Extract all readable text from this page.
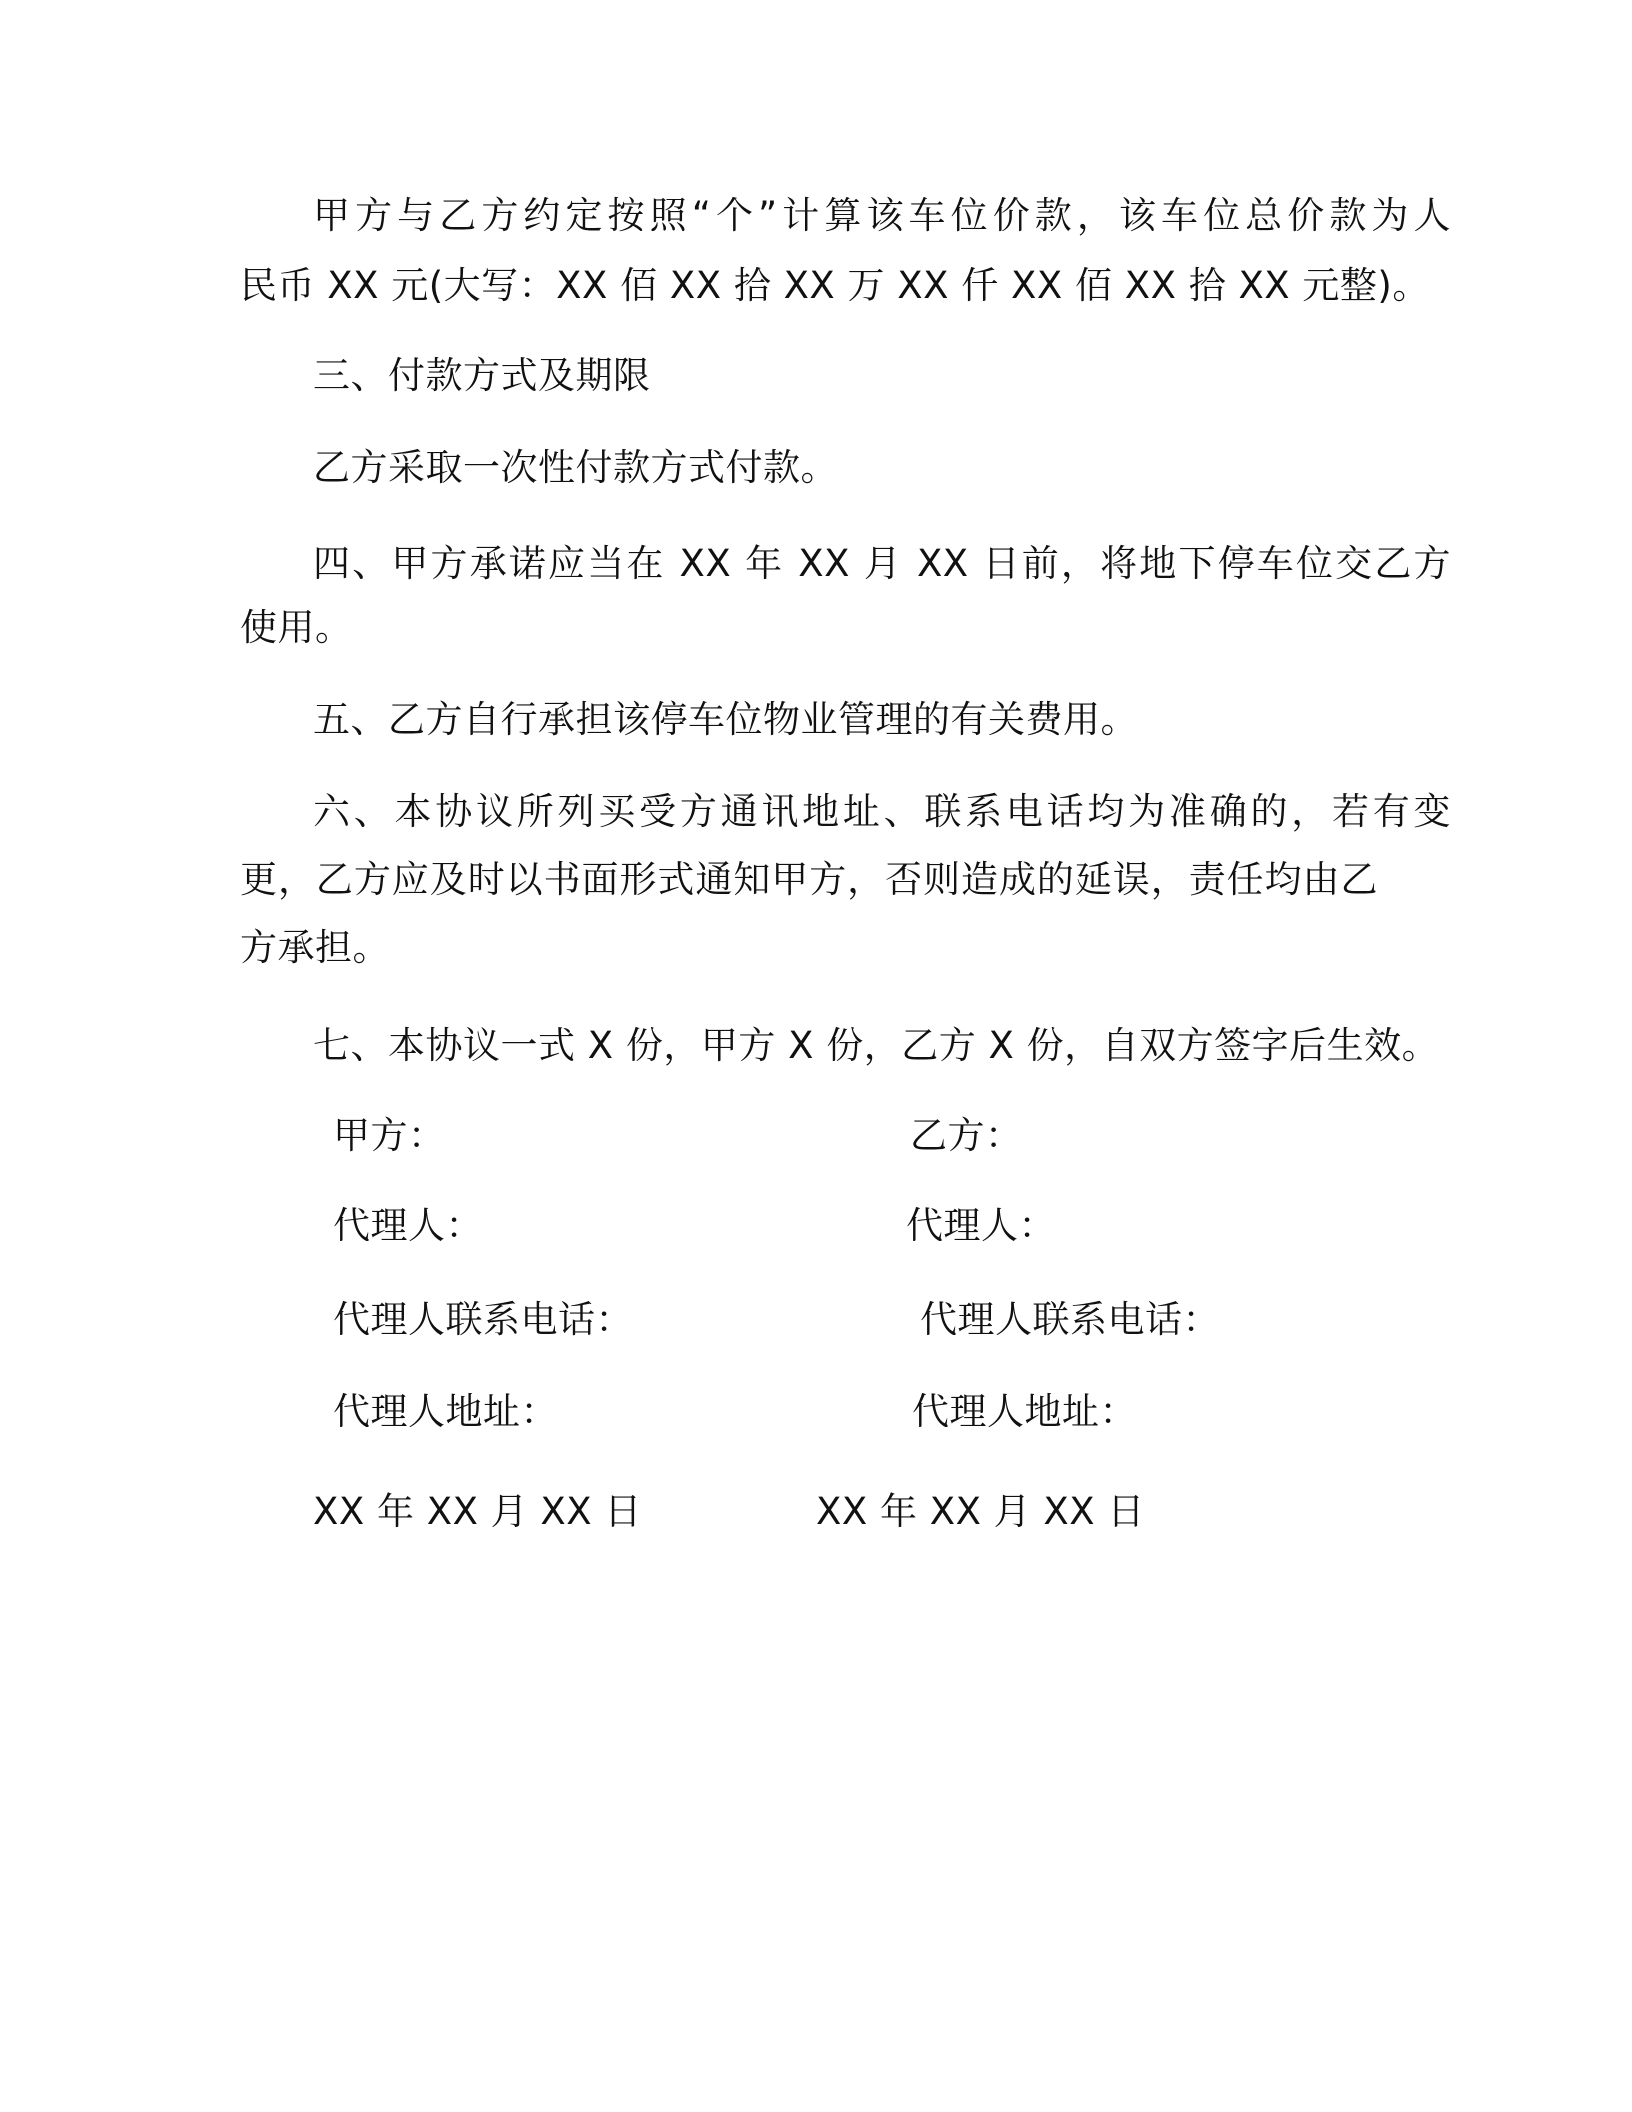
甲方与乙方约定按照“个”计算该车位价款，该车位总价款为人
民币 XX 元(大写：XX 佰 XX 拾 XX 万 XX 仟 XX 佰 XX 拾 XX 元整)。
三、付款方式及期限
乙方采取一次性付款方式付款。
四、甲方承诺应当在 XX 年 XX 月 XX 日前，将地下停车位交乙方
使用。
五、乙方自行承担该停车位物业管理的有关费用。
六、本协议所列买受方通讯地址、联系电话均为准确的，若有变
更，乙方应及时以书面形式通知甲方，否则造成的延误，责任均由乙
方承担。
七、本协议一式 X 份，甲方 X 份，乙方 X 份，自双方签字后生效。
甲方：
代理人：
代理人联系电话：
代理人地址：
XX 年 XX 月 XX 日
乙方：
代理人：
代理人联系电话：
代理人地址：
XX 年 XX 月 XX 日
